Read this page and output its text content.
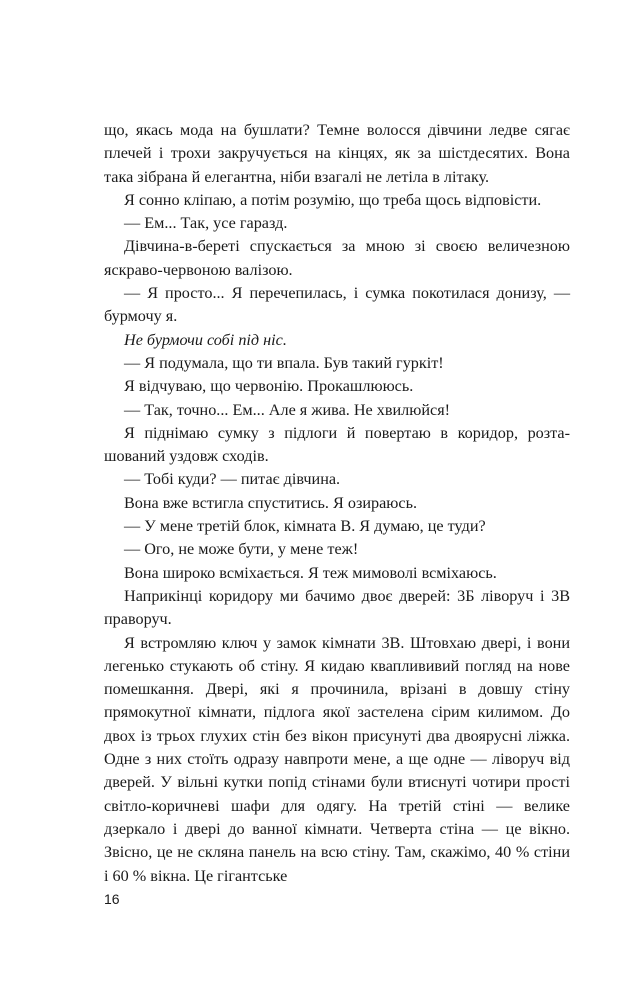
що, якась мода на бушлати? Темне волосся дівчини ледве сягає плечей і трохи закручується на кінцях, як за шістдесятих. Вона така зібрана й елегантна, ніби взагалі не летіла в літаку.

Я сонно кліпаю, а потім розумію, що треба щось відповісти.

— Ем... Так, усе гаразд.

Дівчина-в-береті спускається за мною зі своєю величезною яскраво-червоною валізою.

— Я просто... Я перечепилась, і сумка покотилася донизу, — бурмочу я.

Не бурмочи собі під ніс.

— Я подумала, що ти впала. Був такий гуркіт!

Я відчуваю, що червонію. Прокашлююсь.

— Так, точно... Ем... Але я жива. Не хвилюйся!

Я піднімаю сумку з підлоги й повертаю в коридор, розташований уздовж сходів.

— Тобі куди? — питає дівчина.

Вона вже встигла спуститись. Я озираюсь.

— У мене третій блок, кімната В. Я думаю, це туди?

— Ого, не може бути, у мене теж!

Вона широко всміхається. Я теж мимоволі всміхаюсь.

Наприкінці коридору ми бачимо двоє дверей: 3Б ліворуч і 3В праворуч.

Я встромляю ключ у замок кімнати 3В. Штовхаю двері, і вони легенько стукають об стіну. Я кидаю кваплививий погляд на нове помешкання. Двері, які я прочинила, врізані в довшу стіну прямокутної кімнати, підлога якої застелена сірим килимом. До двох із трьох глухих стін без вікон присунуті два двоярусні ліжка. Одне з них стоїть одразу навпроти мене, а ще одне — ліворуч від дверей. У вільні кутки попід стінами були втиснуті чотири прості світло-коричневі шафи для одягу. На третій стіні — велике дзеркало і двері до ванної кімнати. Четверта стіна — це вікно. Звісно, це не скляна панель на всю стіну. Там, скажімо, 40 % стіни і 60 % вікна. Це гігантське

16
